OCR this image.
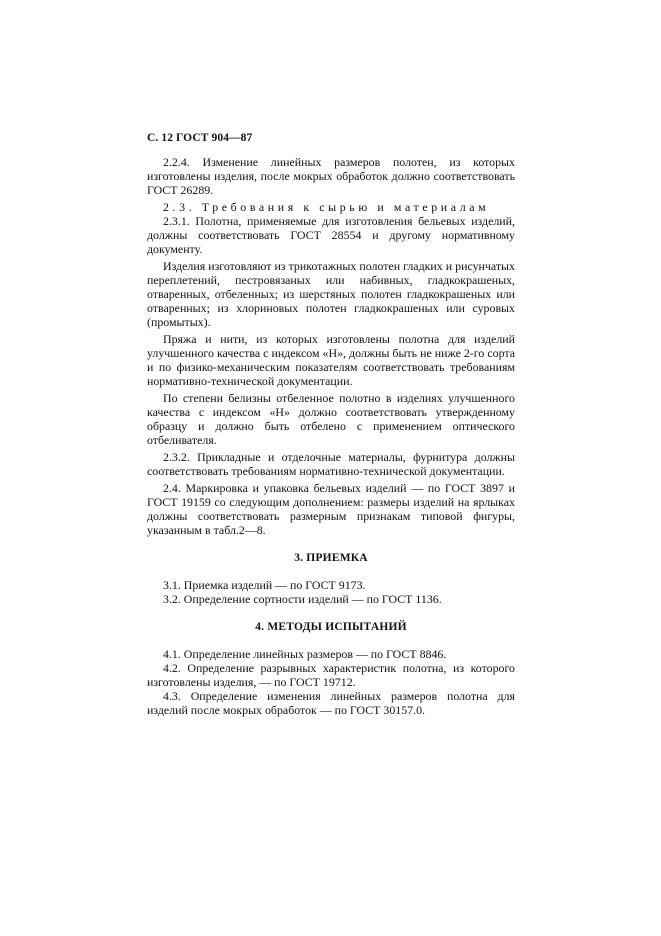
С. 12 ГОСТ 904—87

2.2.4. Изменение линейных размеров полотен, из которых изготовлены изделия, после мокрых обработок должно соответствовать ГОСТ 26289.

2.3. Требования к сырью и материалам

2.3.1. Полотна, применяемые для изготовления бельевых изделий, должны соответствовать ГОСТ 28554 и другому нормативному документу.

Изделия изготовляют из трикотажных полотен гладких и рисунчатых переплетений, пестровязаных или набивных, гладкокрашеных, отваренных, отбеленных; из шерстяных полотен гладкокрашеных или отваренных; из хлориновых полотен гладкокрашеных или суровых (промытых).

Пряжа и нити, из которых изготовлены полотна для изделий улучшенного качества с индексом «Н», должны быть не ниже 2-го сорта и по физико-механическим показателям соответствовать требованиям нормативно-технической документации.

По степени белизны отбеленное полотно в изделиях улучшенного качества с индексом «Н» должно соответствовать утвержденному образцу и должно быть отбелено с применением оптического отбеливателя.

2.3.2. Прикладные и отделочные материалы, фурнитура должны соответствовать требованиям нормативно-технической документации.

2.4. Маркировка и упаковка бельевых изделий — по ГОСТ 3897 и ГОСТ 19159 со следующим дополнением: размеры изделий на ярлыках должны соответствовать размерным признакам типовой фигуры, указанным в табл.2—8.

3. ПРИЕМКА

3.1. Приемка изделий — по ГОСТ 9173.

3.2. Определение сортности изделий — по ГОСТ 1136.

4. МЕТОДЫ ИСПЫТАНИЙ

4.1. Определение линейных размеров — по ГОСТ 8846.

4.2. Определение разрывных характеристик полотна, из которого изготовлены изделия, — по ГОСТ 19712.

4.3. Определение изменения линейных размеров полотна для изделий после мокрых обработок — по ГОСТ 30157.0.
